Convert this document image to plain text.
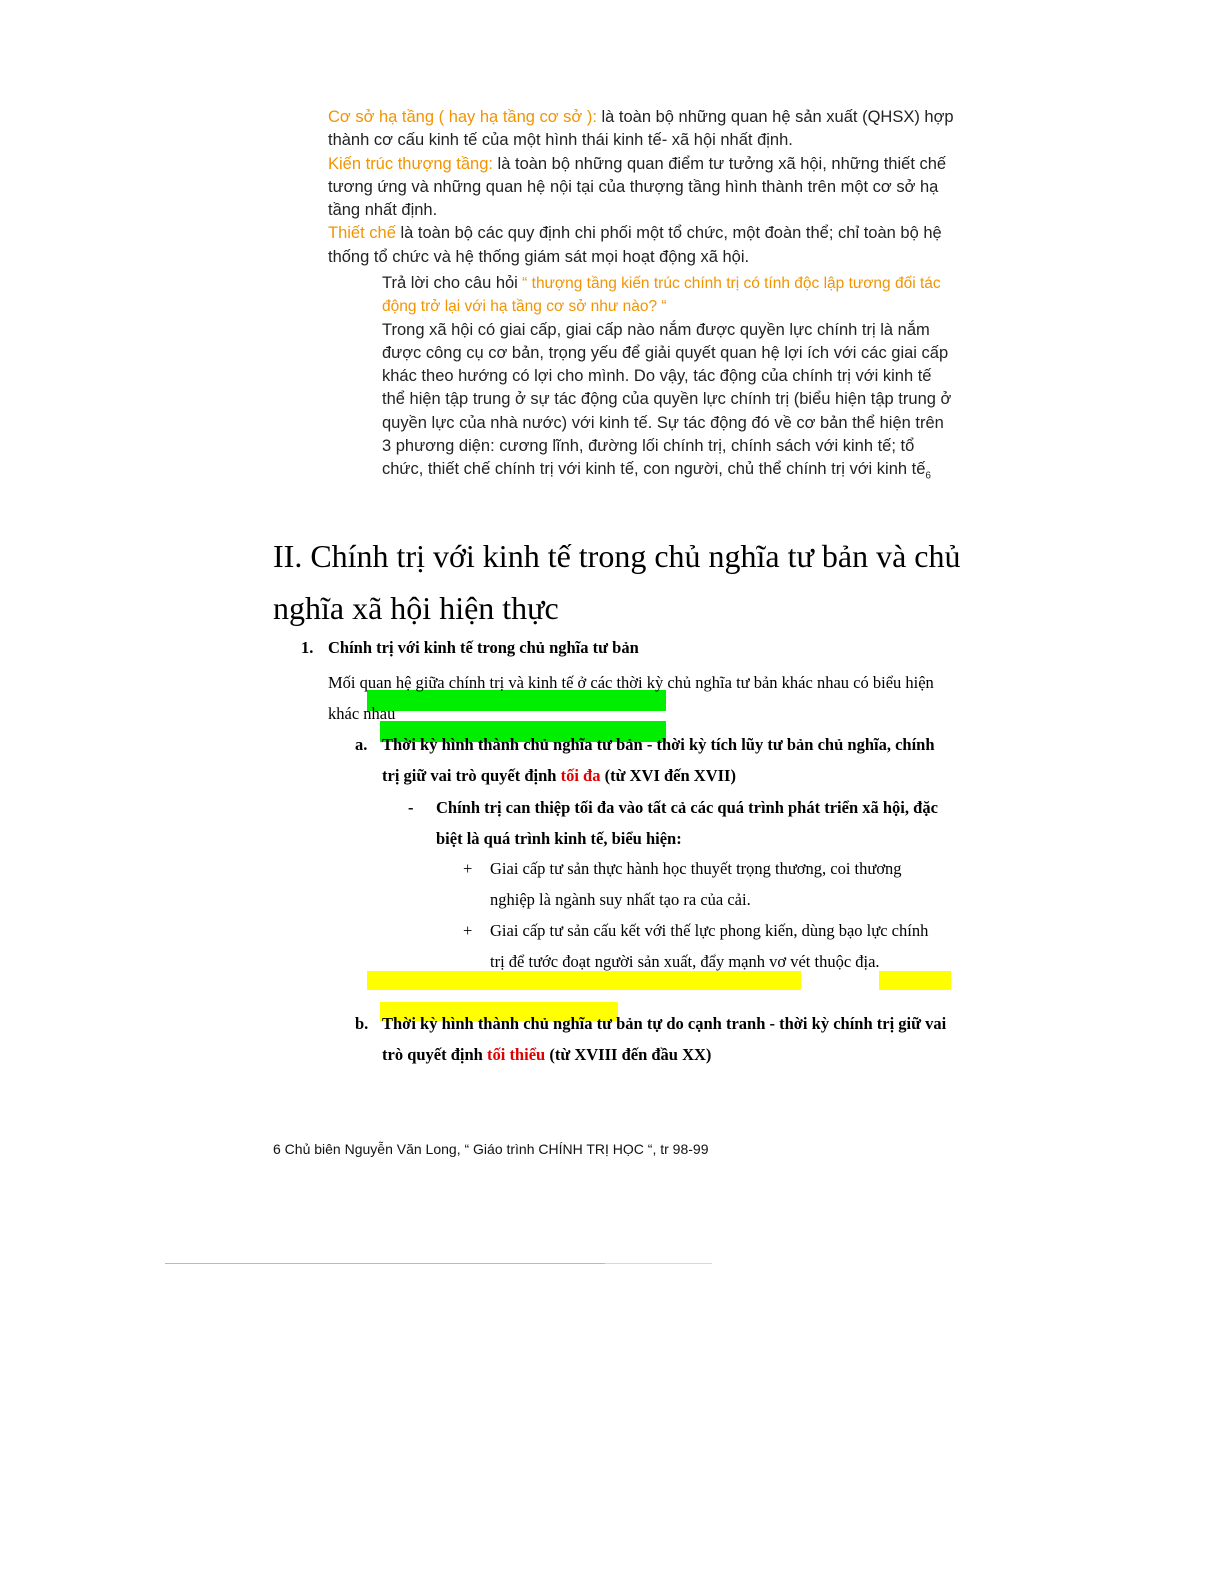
Cơ sở hạ tầng ( hay hạ tầng cơ sở ): là toàn bộ những quan hệ sản xuất (QHSX) hợp thành cơ cấu kinh tế của một hình thái kinh tế- xã hội nhất định.

Kiến trúc thượng tầng: là toàn bộ những quan điểm tư tưởng xã hội, những thiết chế tương ứng và những quan hệ nội tại của thượng tầng hình thành trên một cơ sở hạ tầng nhất định.

Thiết chế là toàn bộ các quy định chi phối một tổ chức, một đoàn thể; chỉ toàn bộ hệ thống tổ chức và hệ thống giám sát mọi hoạt động xã hội.

Trả lời cho câu hỏi “ thượng tầng kiến trúc chính trị có tính độc lập tương đối tác động trở lại với hạ tầng cơ sở như nào? “

Trong xã hội có giai cấp, giai cấp nào nắm được quyền lực chính trị là nắm được công cụ cơ bản, trọng yếu để giải quyết quan hệ lợi ích với các giai cấp khác theo hướng có lợi cho mình. Do vậy, tác động của chính trị với kinh tế thể hiện tập trung ở sự tác động của quyền lực chính trị (biểu hiện tập trung ở quyền lực của nhà nước) với kinh tế. Sự tác động đó về cơ bản thể hiện trên 3 phương diện: cương lĩnh, đường lối chính trị, chính sách với kinh tế; tổ chức, thiết chế chính trị với kinh tế, con người, chủ thể chính trị với kinh tế$_6$

II. Chính trị với kinh tế trong chủ nghĩa tư bản và chủ nghĩa xã hội hiện thực
1. Chính trị với kinh tế trong chủ nghĩa tư bản
Mối quan hệ giữa chính trị và kinh tế ở các thời kỳ chủ nghĩa tư bản khác nhau có biểu hiện khác nhau
a. Thời kỳ hình thành chủ nghĩa tư bản - thời kỳ tích lũy tư bản chủ nghĩa, chính trị giữ vai trò quyết định tối đa (từ XVI đến XVII)
- Chính trị can thiệp tối đa vào tất cả các quá trình phát triển xã hội, đặc biệt là quá trình kinh tế, biểu hiện:
+ Giai cấp tư sản thực hành học thuyết trọng thương, coi thương nghiệp là ngành suy nhất tạo ra của cải.
+ Giai cấp tư sản cấu kết với thế lực phong kiến, dùng bạo lực chính trị để tước đoạt người sản xuất, đẩy mạnh vơ vét thuộc địa.
b. Thời kỳ hình thành chủ nghĩa tư bản tự do cạnh tranh - thời kỳ chính trị giữ vai trò quyết định tối thiểu (từ XVIII đến đầu XX)
6 Chủ biên Nguyễn Văn Long, “ Giáo trình CHÍNH TRỊ HỌC “, tr 98-99
